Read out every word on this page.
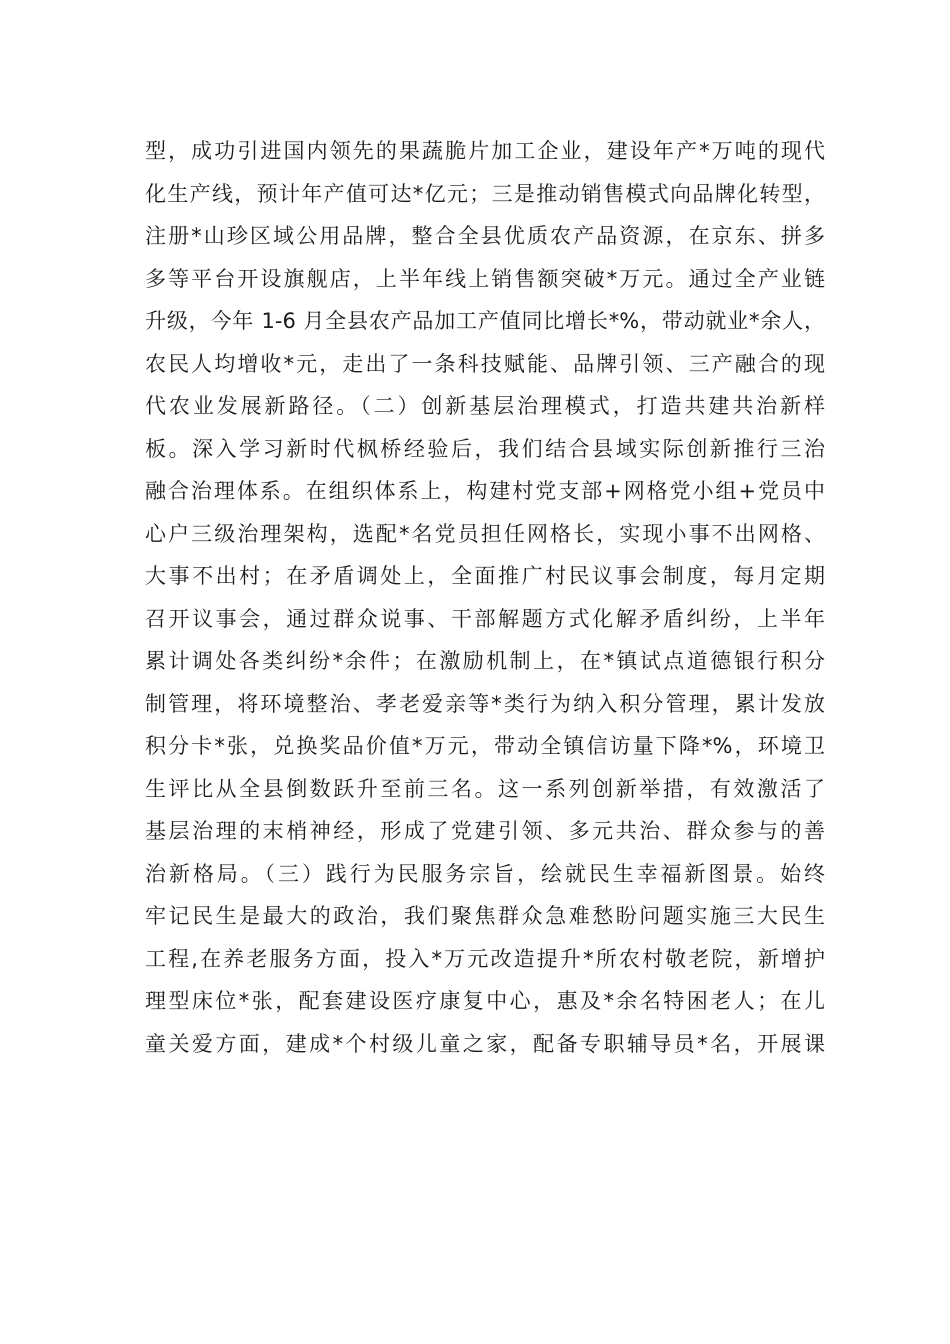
型，成功引进国内领先的果蔬脆片加工企业，建设年产*万吨的现代
化生产线，预计年产值可达*亿元；三是推动销售模式向品牌化转型，
注册*山珍区域公用品牌，整合全县优质农产品资源，在京东、拼多
多等平台开设旗舰店，上半年线上销售额突破*万元。通过全产业链
升级，今年 1-6 月全县农产品加工产值同比增长*%，带动就业*余人，
农民人均增收*元，走出了一条科技赋能、品牌引领、三产融合的现
代农业发展新路径。（二）创新基层治理模式，打造共建共治新样
板。深入学习新时代枫桥经验后，我们结合县域实际创新推行三治
融合治理体系。在组织体系上，构建村党支部+网格党小组+党员中
心户三级治理架构，选配*名党员担任网格长，实现小事不出网格、
大事不出村；在矛盾调处上，全面推广村民议事会制度，每月定期
召开议事会，通过群众说事、干部解题方式化解矛盾纠纷，上半年
累计调处各类纠纷*余件；在激励机制上，在*镇试点道德银行积分
制管理，将环境整治、孝老爱亲等*类行为纳入积分管理，累计发放
积分卡*张，兑换奖品价值*万元，带动全镇信访量下降*%，环境卫
生评比从全县倒数跃升至前三名。这一系列创新举措，有效激活了
基层治理的末梢神经，形成了党建引领、多元共治、群众参与的善
治新格局。（三）践行为民服务宗旨，绘就民生幸福新图景。始终
牢记民生是最大的政治，我们聚焦群众急难愁盼问题实施三大民生
工程,在养老服务方面，投入*万元改造提升*所农村敬老院，新增护
理型床位*张，配套建设医疗康复中心，惠及*余名特困老人；在儿
童关爱方面，建成*个村级儿童之家，配备专职辅导员*名，开展课
